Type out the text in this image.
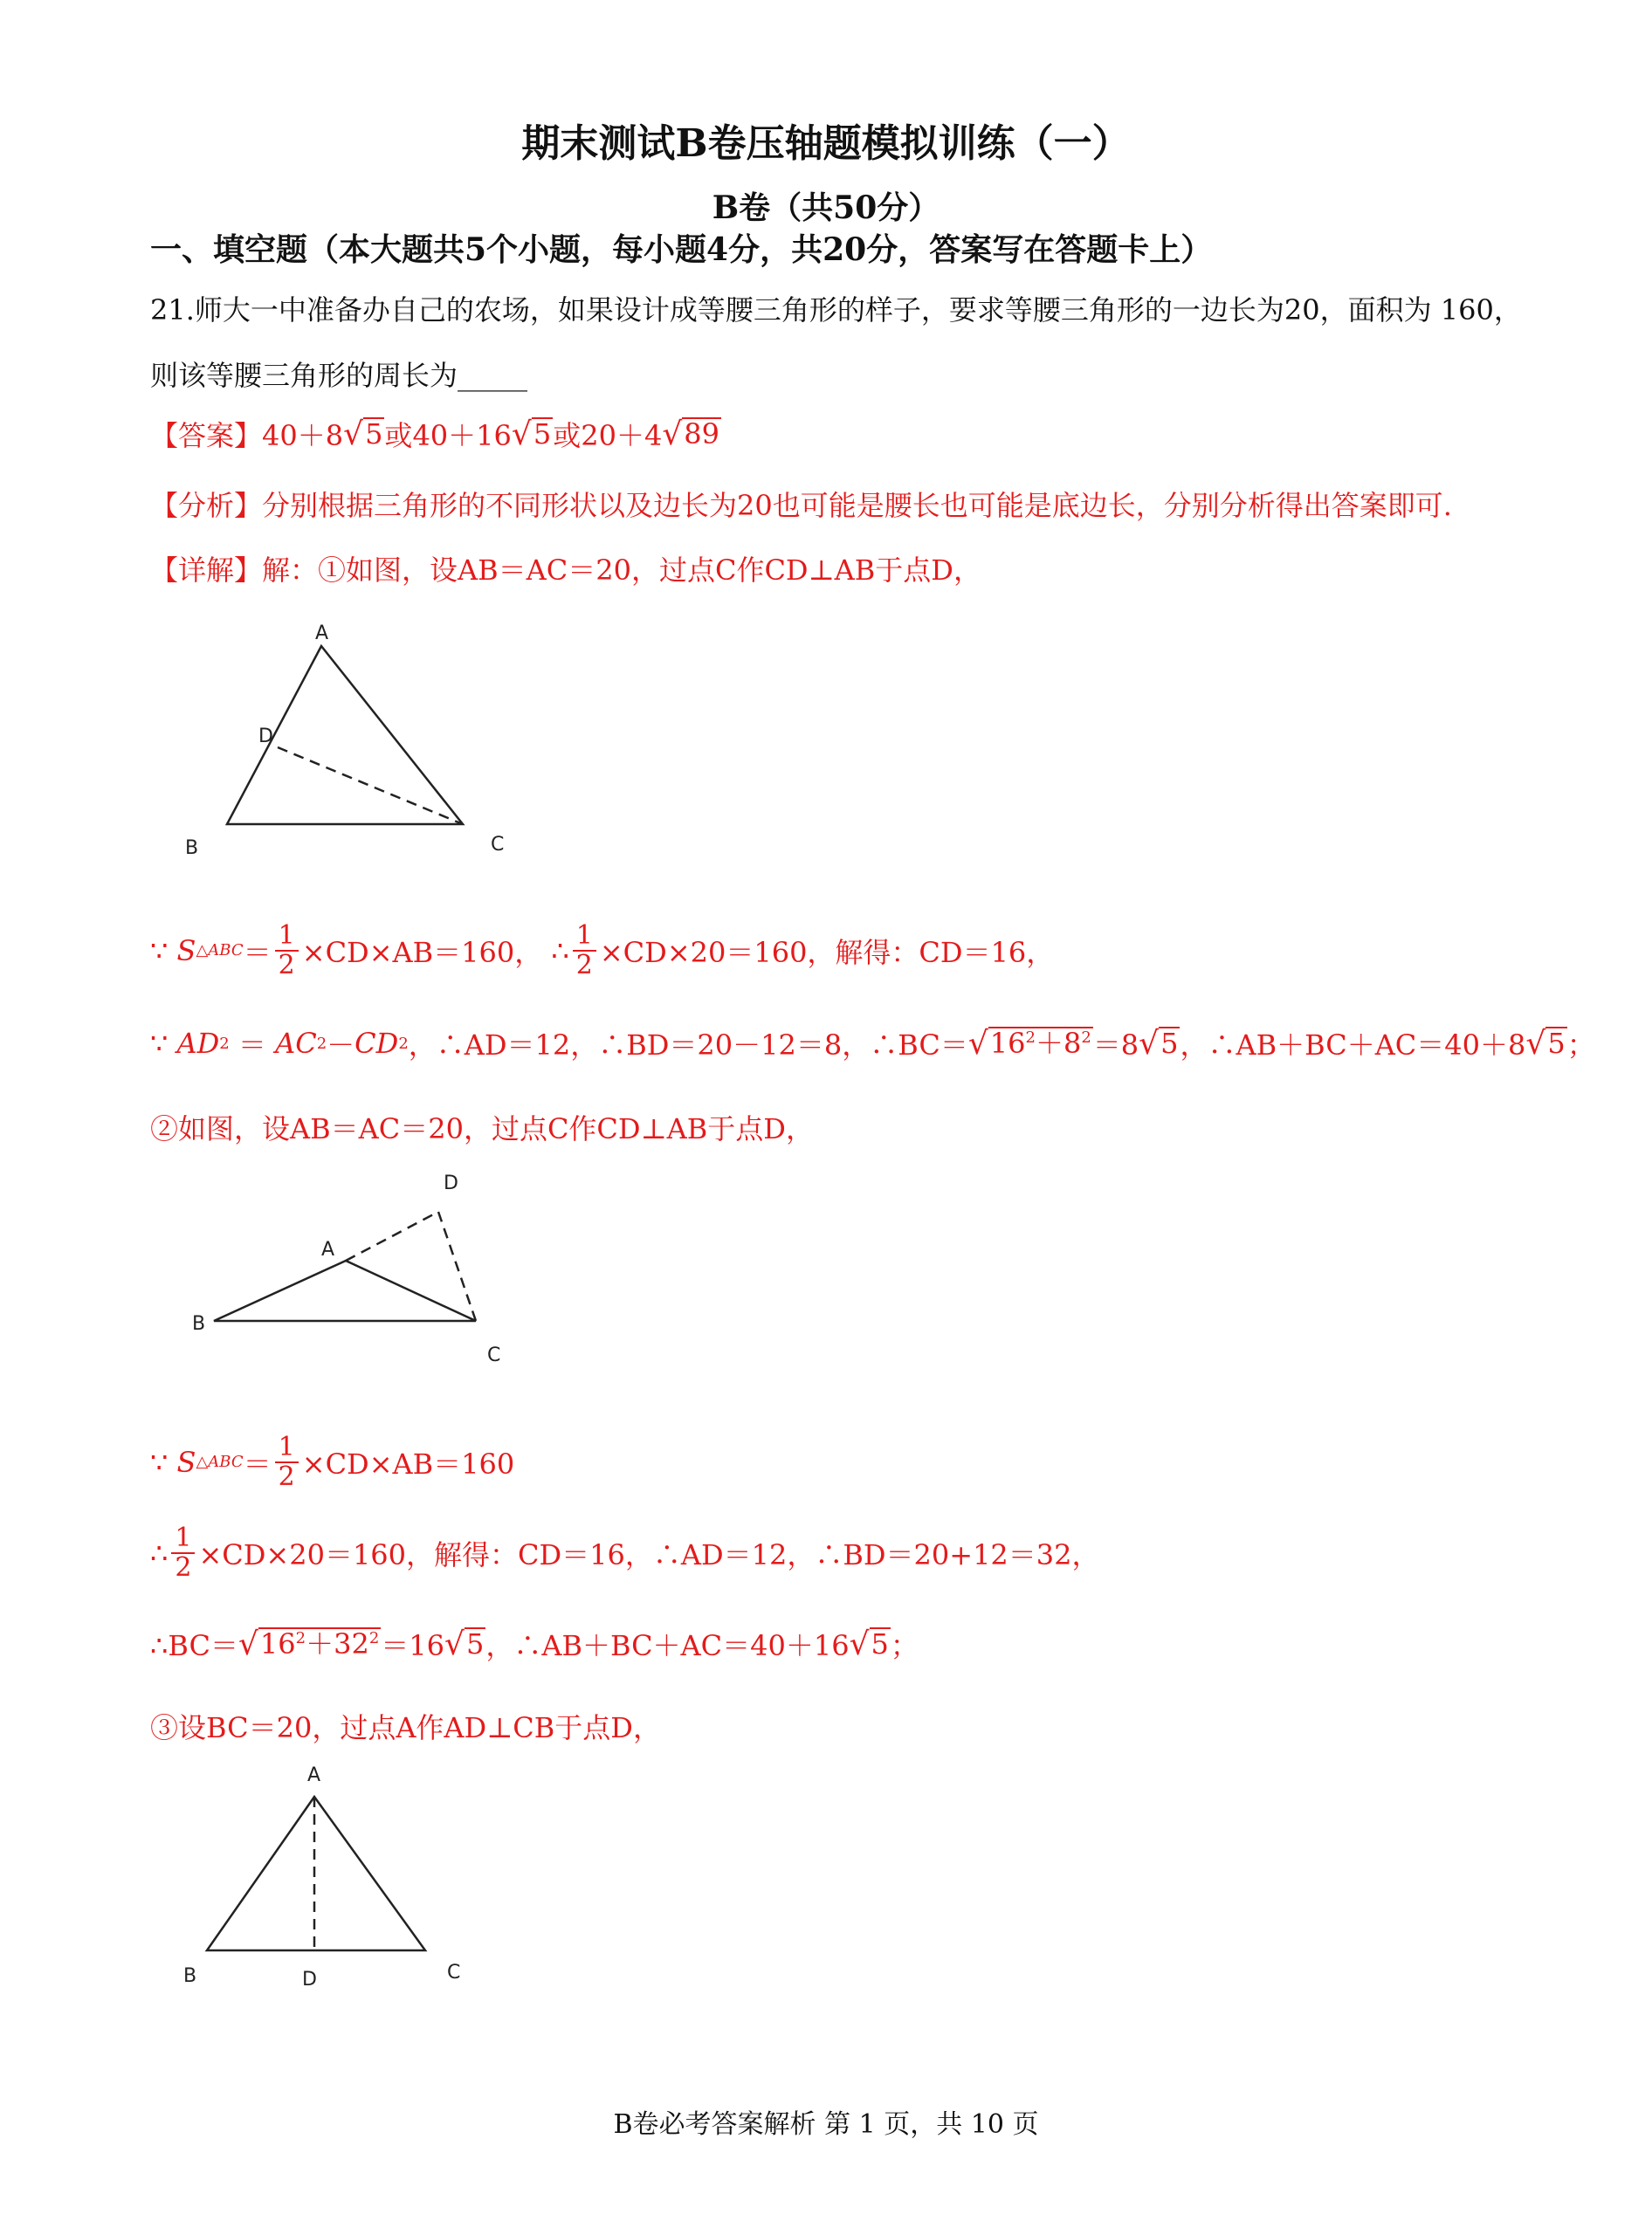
期末测试B卷压轴题模拟训练（一）
B卷（共50分）
一、填空题（本大题共5个小题，每小题4分，共20分，答案写在答题卡上）
21.师大一中准备办自己的农场，如果设计成等腰三角形的样子，要求等腰三角形的一边长为20，面积为 160，
则该等腰三角形的周长为_____
【答案】 40＋8 √ 5 或 40＋16 √ 5 或 20＋4 √ 89
【分析】分别根据三角形的不同形状以及边长为20也可能是腰长也可能是底边长，分别分析得出答案即可.
【详解】解：①如图，设AB＝AC＝20，过点C作CD⊥AB于点D，
A
D
B	C
∵
S △ABC ＝ $\frac{1}{2} \times CD\times AB=160$，
∴ $\frac{1}{2} \times CD\times 20=160$，解得：CD＝16，
∵
AD 2 ＝ AC 2 － CD 2 ，∴AD＝12，∴BD＝20－12＝8，∴BC＝ √ $16^2+8^2 =8$ √ 5 ，∴AB＋BC＋AC＝40＋8 √ 5 ；
②如图，设AB＝AC＝20，过点C作CD⊥AB于点D，
D
A
B
C
∵
S △ABC ＝ $\frac{1}{2} \times CD\times AB=160$
∴ $\frac{1}{2} \times CD\times 20=160$，解得：CD＝16，∴AD＝12，∴BD＝20+12＝32，
∴BC＝ √ $16^2+32^2 =16$ √ 5 ，∴AB＋BC＋AC＝40＋16 √ 5 ；
③设BC＝20，过点A作AD⊥CB于点D，
A
B	D	C
B卷必考答案解析 第 1 页，共 10 页
